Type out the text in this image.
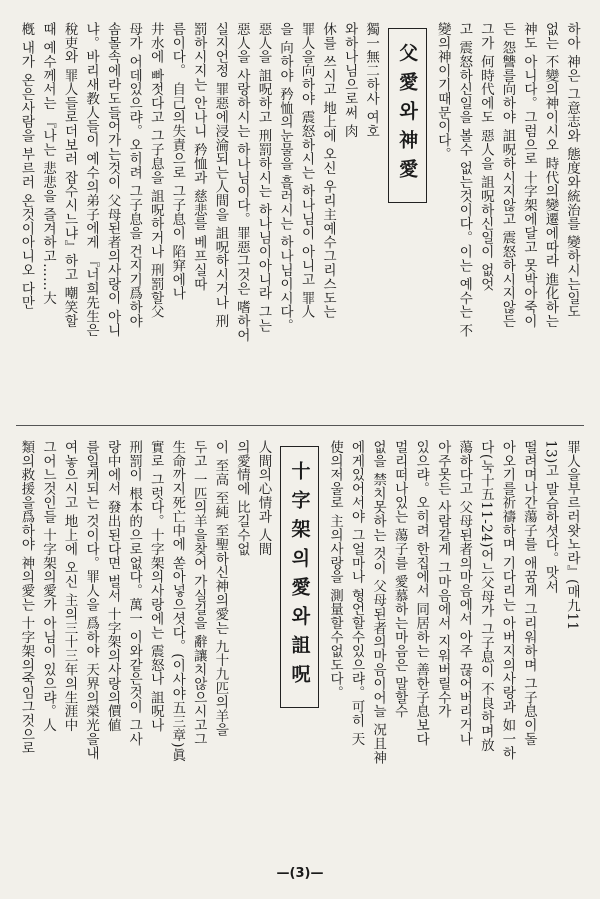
하아 神은 그意志와 態度와統治를 變하시는일도
없는 不變의神이시오 時代의變遷에따라 進化하는
神도 아니다。그럼으로 十字架에달고 못박아죽이
든 怨讐를向하야 詛呪하시지않고 震怒하시지않든
그가 何時代에도 惡人을 詛呪하신일이 없엇
고 震怒하신일을 볼수 없는것이다。이는 예수는 不
變의神이기때문이다。
父愛와神愛
獨一無二하사 여호
와하나님으로써 肉
休를 쓰시고 地上에 오신 우리主예수그리스도는
罪人을向하야 震怒하시는 하나님이 아니고 罪人
을 向하야 矜恤의눈물을 흘러시는 하나님이시다。
惡人을 詛呪하고 刑罰하시는 하나님이아니라 그는
惡人을 사랑하시는 하나님이다。罪惡그것은 嗜하어
실지언정 罪惡에浸淪되는人間을 詛呪하시거나 刑
罰하시지는 안나니 矜恤과 慈悲를 베프실따
름이다。 自己의失責으로 그子息이 陷穽에나
井水에 빠젓다고 그子息을 詛呪하거나 刑罰할父
母가 어데있으랴。오히려 그子息을 건지기爲하야
솜몰속에라도들어가는것이 父母된者의사랑이 아니
냐。바리새教人들이 예수의弟子에게 『너희先生은
稅吏와 罪人들로더보러 잡수시느냐』하고 嘲笑할
때 예수께서는 『나는 悲悲을 즐겨하고……大
槪 내가 온은사람을 부르러 온것이아니오 다만
罪人을부르러왓노라』(매九11
13)고 말슴하셧다。맛서
떨려며나간蕩子를 애꿈게 그리워하며 그子息이돌
아오기를祈禱하며 기다리는 아버지의사랑과 如一하
다(눅十五11-24)어느父母가 그子息이 不良하며放
蕩하다고 父母된者의마음에서 아주 끊어버리거나
아주못든 사람같게 그마음에서 지워버릴수가
있으랴。오히려 한집에서 同居하는 善한子息보다
멀리떠나있는 蕩子를 愛慕하는마음은 말할수
없을 禁치못하는 것이 父母된者의마음이어늘 况且神
에게있어서야 그얼마나 형언할수있으랴。可히 天
使의저울로 主의사랑을 測量할수없도다。
十字架의愛와詛呪
人間의心情과 人間
의愛情에 比길수없
이 至高 至純 至聖하신神의愛는 九十九匹의羊을
두고 一匹의羊을찾어 가실길을 辭讓치않으시고그
生命까지死亡中에 쏟아넣으셧다。(이사야五三章)眞
實로 그럿다。十字架의사랑에는 震怒나 詛呪나
刑罰이 根本的으로없다。萬一 이와같은것이 그사
랑中에서 發出된다면 벌서 十字架의사랑의價値
를일케되는 것이다。罪人을 爲하야 天界의榮光을내
여놓으시고 地上에 오신 主의三十三年의生涯中
그어느것인들 十字架의愛가 아님이 있으랴。人
類의救援을爲하야 神의愛는 十字架의죽임그것으로
—(3)—
